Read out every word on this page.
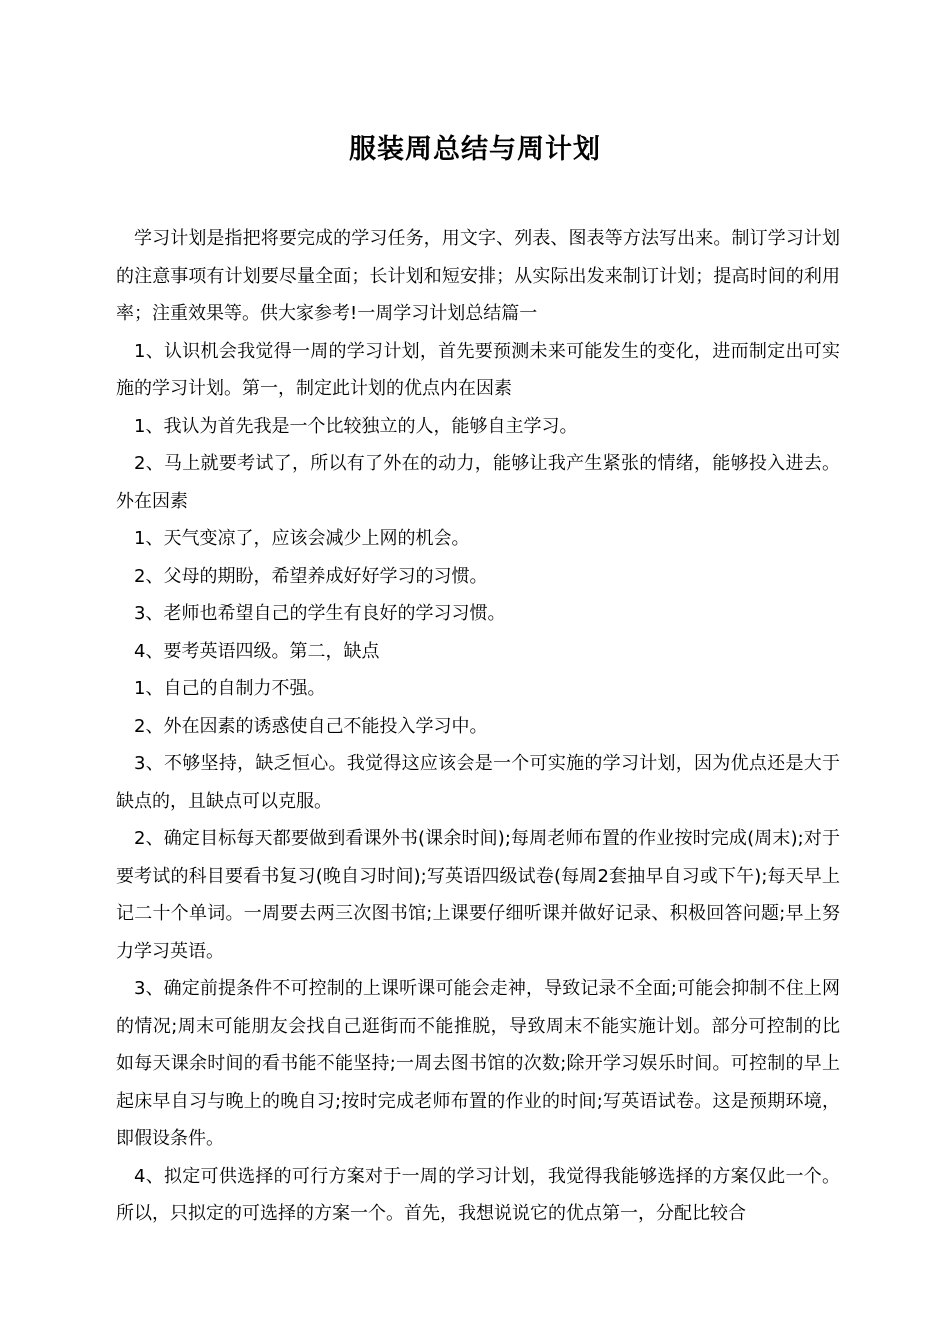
服装周总结与周计划

学习计划是指把将要完成的学习任务，用文字、列表、图表等方法写出来。制订学习计划的注意事项有计划要尽量全面；长计划和短安排；从实际出发来制订计划；提高时间的利用率；注重效果等。供大家参考!一周学习计划总结篇一

1、认识机会我觉得一周的学习计划，首先要预测未来可能发生的变化，进而制定出可实施的学习计划。第一，制定此计划的优点内在因素

1、我认为首先我是一个比较独立的人，能够自主学习。

2、马上就要考试了，所以有了外在的动力，能够让我产生紧张的情绪，能够投入进去。外在因素

1、天气变凉了，应该会减少上网的机会。

2、父母的期盼，希望养成好好学习的习惯。

3、老师也希望自己的学生有良好的学习习惯。

4、要考英语四级。第二，缺点

1、自己的自制力不强。

2、外在因素的诱惑使自己不能投入学习中。

3、不够坚持，缺乏恒心。我觉得这应该会是一个可实施的学习计划，因为优点还是大于缺点的，且缺点可以克服。

2、确定目标每天都要做到看课外书(课余时间);每周老师布置的作业按时完成(周末);对于要考试的科目要看书复习(晚自习时间);写英语四级试卷(每周2套抽早自习或下午);每天早上记二十个单词。一周要去两三次图书馆;上课要仔细听课并做好记录、积极回答问题;早上努力学习英语。

3、确定前提条件不可控制的上课听课可能会走神，导致记录不全面;可能会抑制不住上网的情况;周末可能朋友会找自己逛街而不能推脱，导致周末不能实施计划。部分可控制的比如每天课余时间的看书能不能坚持;一周去图书馆的次数;除开学习娱乐时间。可控制的早上起床早自习与晚上的晚自习;按时完成老师布置的作业的时间;写英语试卷。这是预期环境，即假设条件。

4、拟定可供选择的可行方案对于一周的学习计划，我觉得我能够选择的方案仅此一个。所以，只拟定的可选择的方案一个。首先，我想说说它的优点第一，分配比较合
